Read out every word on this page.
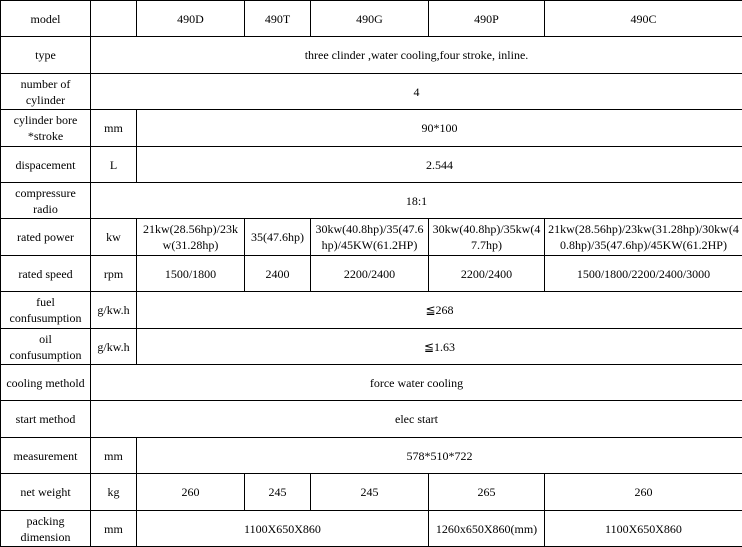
model		490D	490T	490G	490P	490C
type	three clinder ,water cooling,four stroke, inline.					
number of cylinder	4					
cylinder bore *stroke	mm	90*100				
dispacement	L	2.544				
compressure radio	18:1					
rated power	kw	21kw(28.56hp)/23kw(31.28hp)	35(47.6hp)	30kw(40.8hp)/35(47.6hp)/45KW(61.2HP)	30kw(40.8hp)/35kw(47.7hp)	21kw(28.56hp)/23kw(31.28hp)/30kw(40.8hp)/35(47.6hp)/45KW(61.2HP)
rated speed	rpm	1500/1800	2400	2200/2400	2200/2400	1500/1800/2200/2400/3000
fuel confusumption	g/kw.h	≦268				
oil confusumption	g/kw.h	≦1.63				
cooling methold	force water cooling					
start method	elec start					
measurement	mm	578*510*722				
net weight	kg	260	245	245	265	260
packing dimension	mm	1100X650X860			1260x650X860(mm)	1100X650X860
